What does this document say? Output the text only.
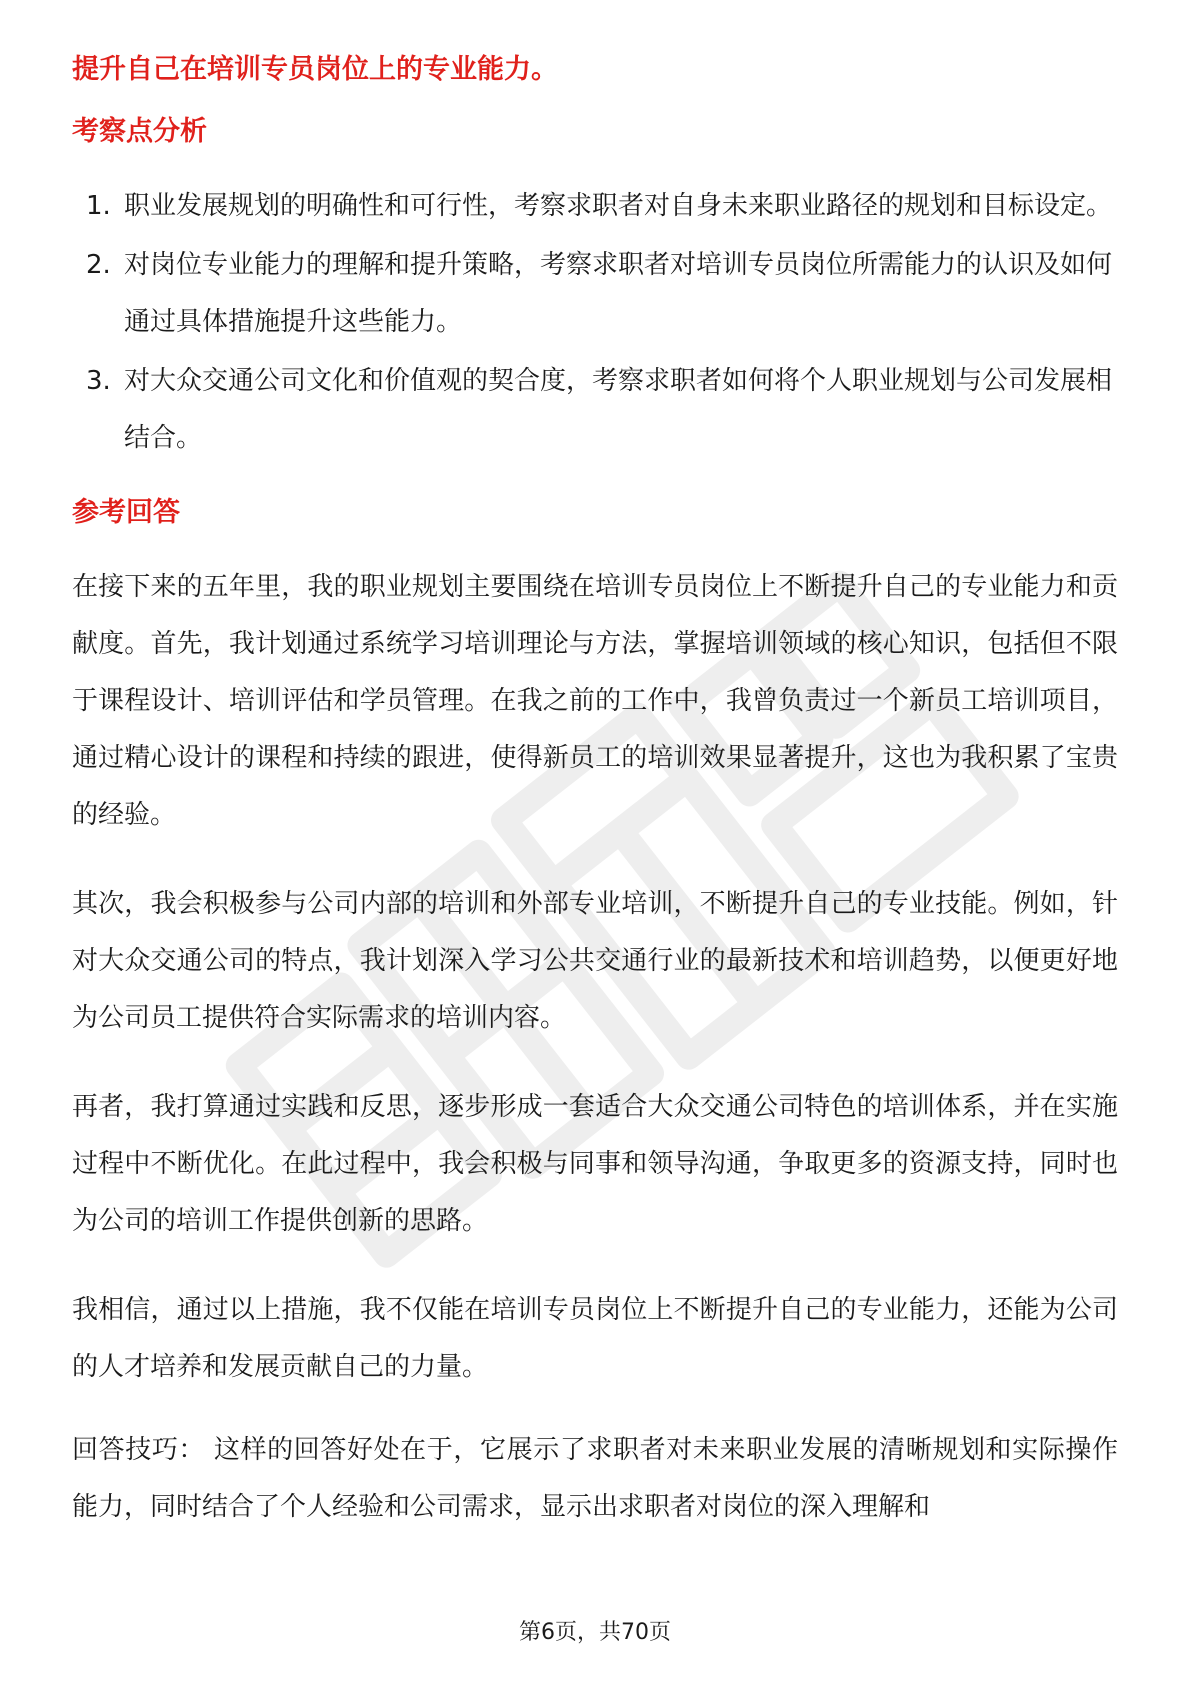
提升自己在培训专员岗位上的专业能力。
考察点分析
1. 职业发展规划的明确性和可行性，考察求职者对自身未来职业路径的规划和目标设定。
2. 对岗位专业能力的理解和提升策略，考察求职者对培训专员岗位所需能力的认识及如何通过具体措施提升这些能力。
3. 对大众交通公司文化和价值观的契合度，考察求职者如何将个人职业规划与公司发展相结合。
参考回答

在接下来的五年里，我的职业规划主要围绕在培训专员岗位上不断提升自己的专业能力和贡献度。首先，我计划通过系统学习培训理论与方法，掌握培训领域的核心知识，包括但不限于课程设计、培训评估和学员管理。在我之前的工作中，我曾负责过一个新员工培训项目，通过精心设计的课程和持续的跟进，使得新员工的培训效果显著提升，这也为我积累了宝贵的经验。

其次，我会积极参与公司内部的培训和外部专业培训，不断提升自己的专业技能。例如，针对大众交通公司的特点，我计划深入学习公共交通行业的最新技术和培训趋势，以便更好地为公司员工提供符合实际需求的培训内容。

再者，我打算通过实践和反思，逐步形成一套适合大众交通公司特色的培训体系，并在实施过程中不断优化。在此过程中，我会积极与同事和领导沟通，争取更多的资源支持，同时也为公司的培训工作提供创新的思路。

我相信，通过以上措施，我不仅能在培训专员岗位上不断提升自己的专业能力，还能为公司的人才培养和发展贡献自己的力量。

回答技巧： 这样的回答好处在于，它展示了求职者对未来职业发展的清晰规划和实际操作能力，同时结合了个人经验和公司需求，显示出求职者对岗位的深入理解和

第6页，共70页
